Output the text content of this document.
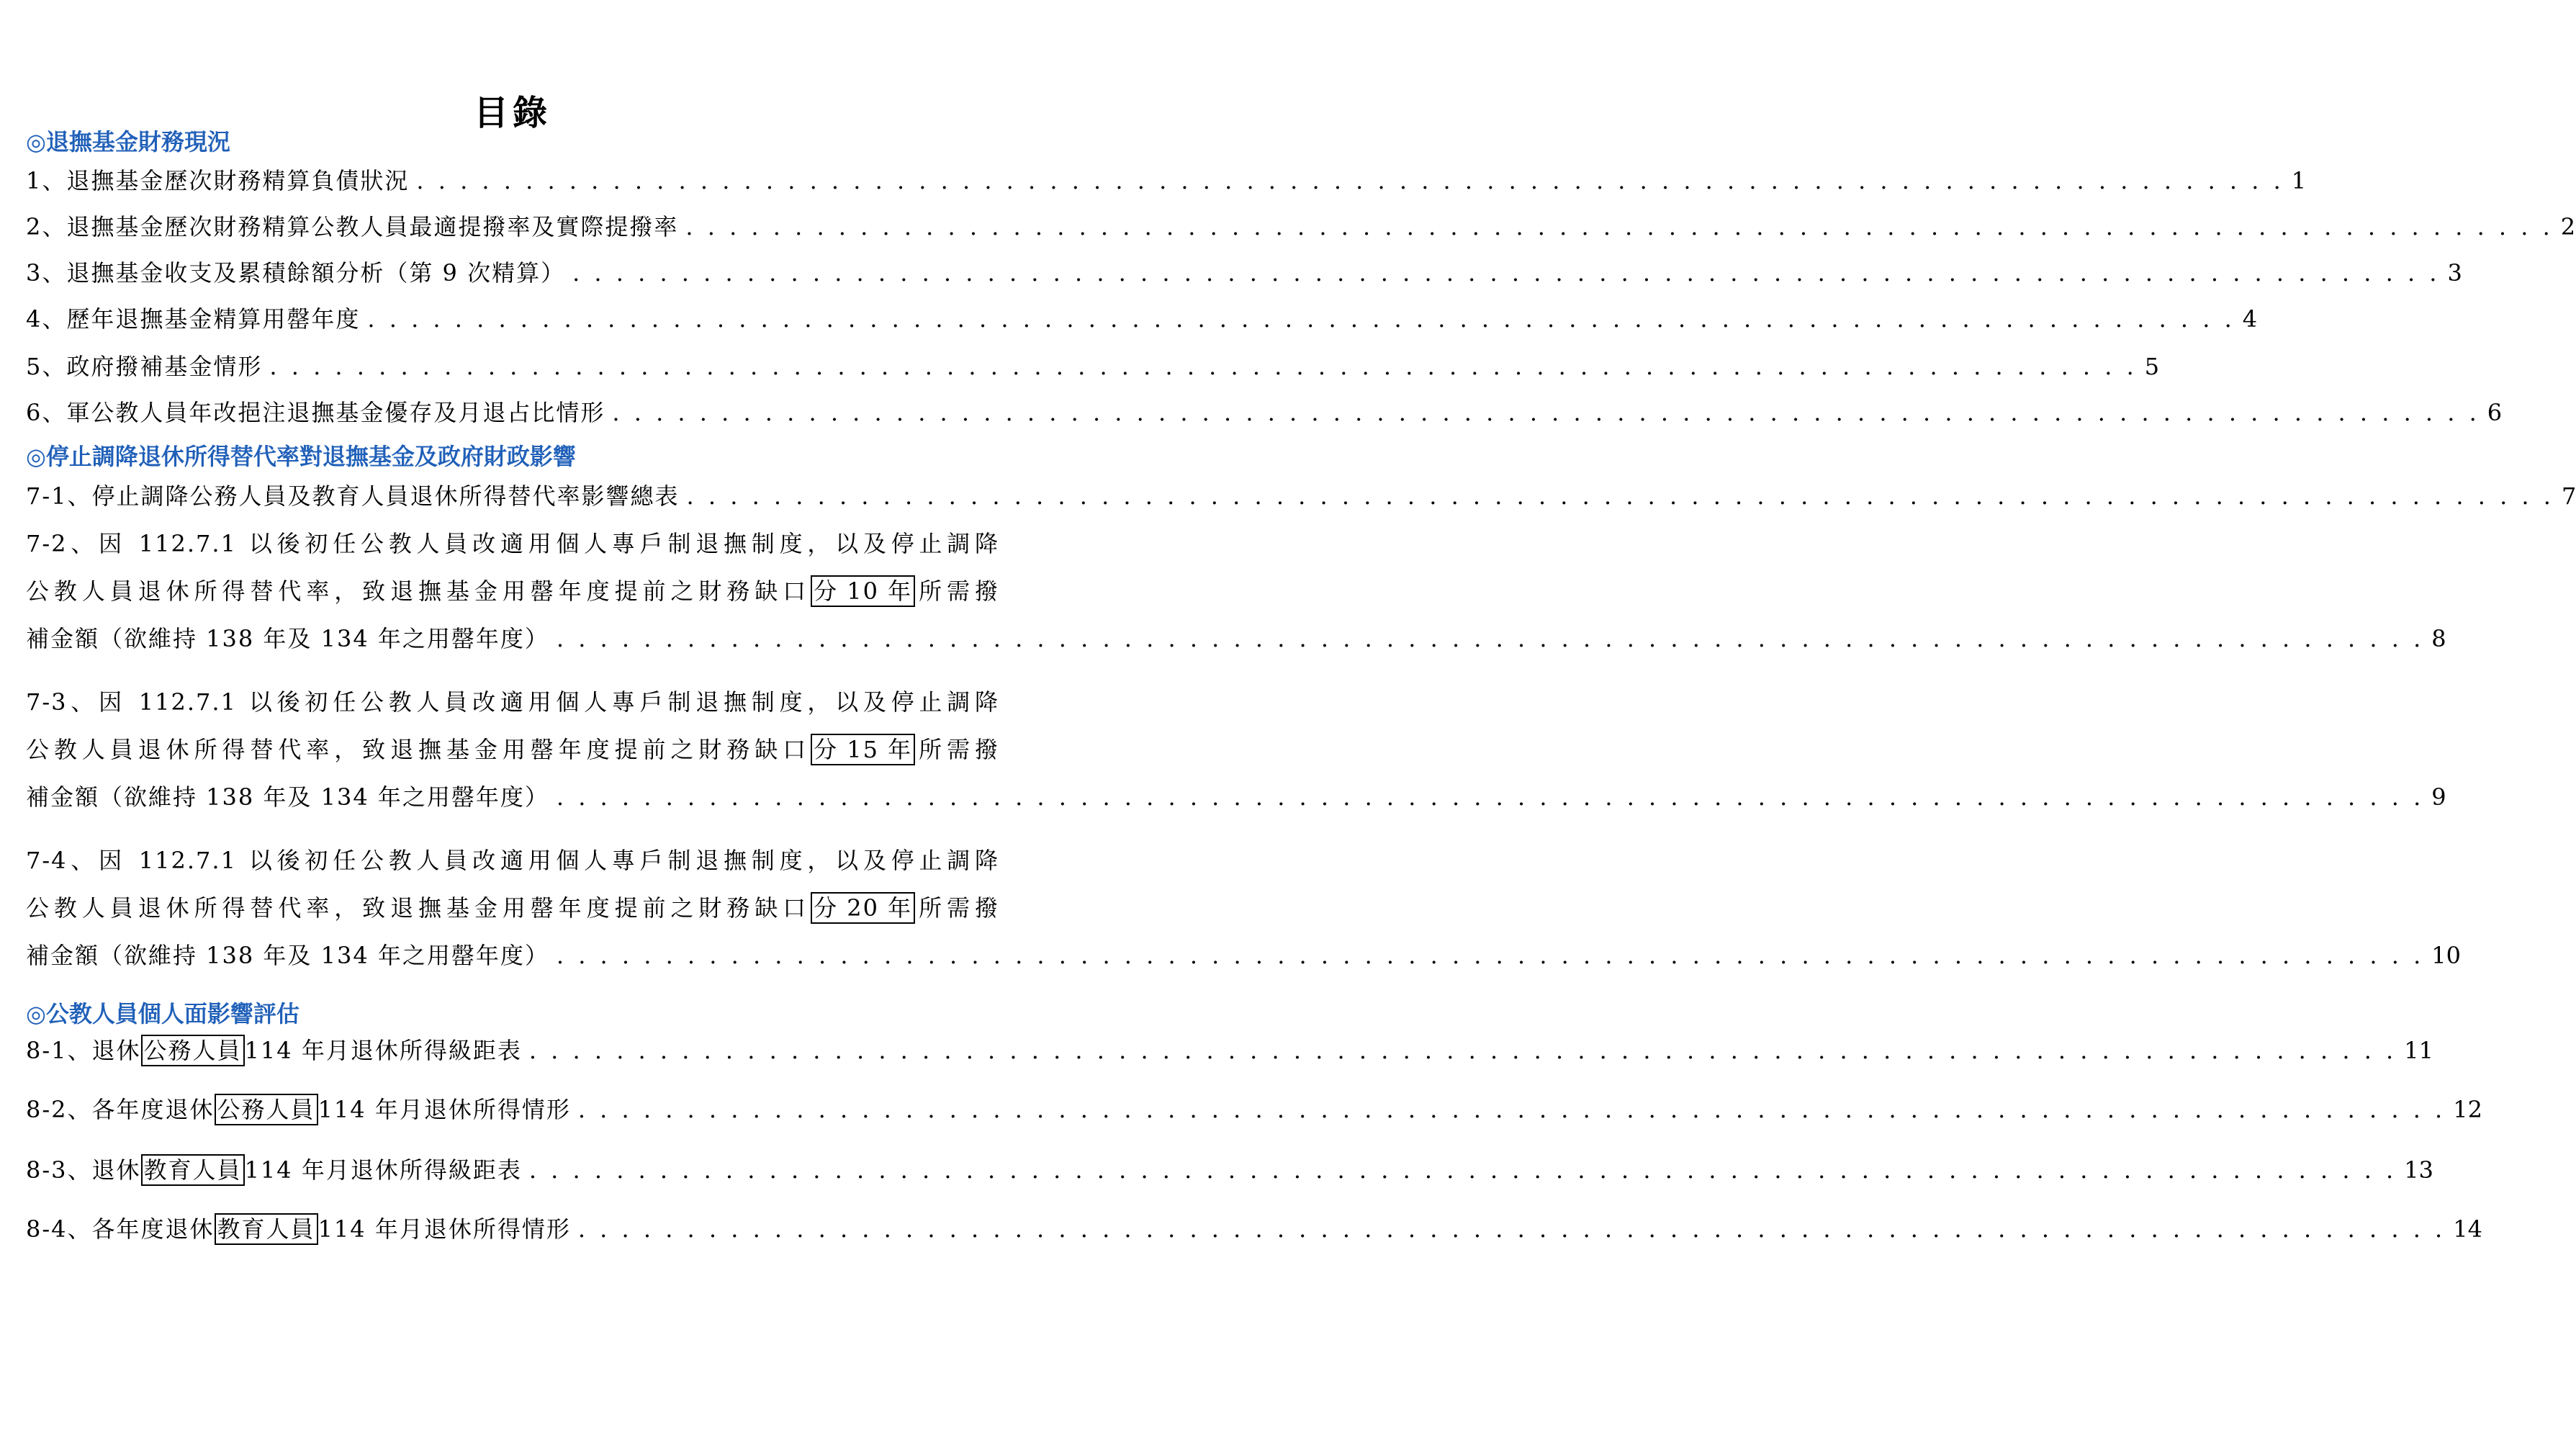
目錄
◎退撫基金財務現況
1、退撫基金歷次財務精算負債狀況 . . . . . . . . . . . . . . . . . . . . . . . . . . . . . . . . . . . . . . . . . . . . . . . . . . . . . . . . . . . . . . . . . . . . . . . . . . . . . . . . . . . . . . 1
2、退撫基金歷次財務精算公教人員最適提撥率及實際提撥率 . . . . . . . . . . . . . . . . . . . . . . . . . . . . . . . . . . . . . . . . . . . . . . . . . . . . . . . . . . . . . . . . . . . . . . . . . . . . . . . . . . . . . . 2
3、退撫基金收支及累積餘額分析（第 9 次精算） . . . . . . . . . . . . . . . . . . . . . . . . . . . . . . . . . . . . . . . . . . . . . . . . . . . . . . . . . . . . . . . . . . . . . . . . . . . . . . . . . . . . . . 3
4、歷年退撫基金精算用罄年度 . . . . . . . . . . . . . . . . . . . . . . . . . . . . . . . . . . . . . . . . . . . . . . . . . . . . . . . . . . . . . . . . . . . . . . . . . . . . . . . . . . . . . . 4
5、政府撥補基金情形 . . . . . . . . . . . . . . . . . . . . . . . . . . . . . . . . . . . . . . . . . . . . . . . . . . . . . . . . . . . . . . . . . . . . . . . . . . . . . . . . . . . . . . 5
6、軍公教人員年改挹注退撫基金優存及月退占比情形 . . . . . . . . . . . . . . . . . . . . . . . . . . . . . . . . . . . . . . . . . . . . . . . . . . . . . . . . . . . . . . . . . . . . . . . . . . . . . . . . . . . . . . 6
◎停止調降退休所得替代率對退撫基金及政府財政影響
7-1、停止調降公務人員及教育人員退休所得替代率影響總表 . . . . . . . . . . . . . . . . . . . . . . . . . . . . . . . . . . . . . . . . . . . . . . . . . . . . . . . . . . . . . . . . . . . . . . . . . . . . . . . . . . . . . . 7
7-2、因 112.7.1 以後初任公教人員改適用個人專戶制退撫制度，以及停止調降
公教人員退休所得替代率，致退撫基金用罄年度提前之財務缺口 分 10 年 所需撥
補金額（欲維持 138 年及 134 年之用罄年度） . . . . . . . . . . . . . . . . . . . . . . . . . . . . . . . . . . . . . . . . . . . . . . . . . . . . . . . . . . . . . . . . . . . . . . . . . . . . . . . . . . . . . . 8
7-3、因 112.7.1 以後初任公教人員改適用個人專戶制退撫制度，以及停止調降
公教人員退休所得替代率，致退撫基金用罄年度提前之財務缺口 分 15 年 所需撥
補金額（欲維持 138 年及 134 年之用罄年度） . . . . . . . . . . . . . . . . . . . . . . . . . . . . . . . . . . . . . . . . . . . . . . . . . . . . . . . . . . . . . . . . . . . . . . . . . . . . . . . . . . . . . . 9
7-4、因 112.7.1 以後初任公教人員改適用個人專戶制退撫制度，以及停止調降
公教人員退休所得替代率，致退撫基金用罄年度提前之財務缺口 分 20 年 所需撥
補金額（欲維持 138 年及 134 年之用罄年度） . . . . . . . . . . . . . . . . . . . . . . . . . . . . . . . . . . . . . . . . . . . . . . . . . . . . . . . . . . . . . . . . . . . . . . . . . . . . . . . . . . . . . . 10
◎公教人員個人面影響評估
8-1、退休 公務人員 114 年月退休所得級距表 . . . . . . . . . . . . . . . . . . . . . . . . . . . . . . . . . . . . . . . . . . . . . . . . . . . . . . . . . . . . . . . . . . . . . . . . . . . . . . . . . . . . . . 11
8-2、各年度退休 公務人員 114 年月退休所得情形 . . . . . . . . . . . . . . . . . . . . . . . . . . . . . . . . . . . . . . . . . . . . . . . . . . . . . . . . . . . . . . . . . . . . . . . . . . . . . . . . . . . . . . 12
8-3、退休 教育人員 114 年月退休所得級距表 . . . . . . . . . . . . . . . . . . . . . . . . . . . . . . . . . . . . . . . . . . . . . . . . . . . . . . . . . . . . . . . . . . . . . . . . . . . . . . . . . . . . . . 13
8-4、各年度退休 教育人員 114 年月退休所得情形 . . . . . . . . . . . . . . . . . . . . . . . . . . . . . . . . . . . . . . . . . . . . . . . . . . . . . . . . . . . . . . . . . . . . . . . . . . . . . . . . . . . . . . 14
